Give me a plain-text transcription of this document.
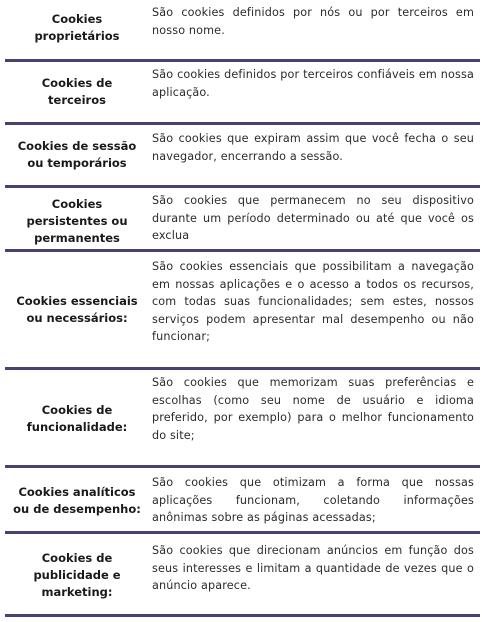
Cookies proprietários
São cookies definidos por nós ou por terceiros em nosso nome.
Cookies de terceiros
São cookies definidos por terceiros confiáveis em nossa aplicação.
Cookies de sessão ou temporários
São cookies que expiram assim que você fecha o seu navegador, encerrando a sessão.
Cookies persistentes ou permanentes
São cookies que permanecem no seu dispositivo durante um período determinado ou até que você os exclua
Cookies essenciais ou necessários:
São cookies essenciais que possibilitam a navegação em nossas aplicações e o acesso a todos os recursos, com todas suas funcionalidades; sem estes, nossos serviços podem apresentar mal desempenho ou não funcionar;
Cookies de funcionalidade:
São cookies que memorizam suas preferências e escolhas (como seu nome de usuário e idioma preferido, por exemplo) para o melhor funcionamento do site;
Cookies analíticos ou de desempenho:
São cookies que otimizam a forma que nossas aplicações funcionam, coletando informações anônimas sobre as páginas acessadas;
Cookies de publicidade e marketing:
São cookies que direcionam anúncios em função dos seus interesses e limitam a quantidade de vezes que o anúncio aparece.
